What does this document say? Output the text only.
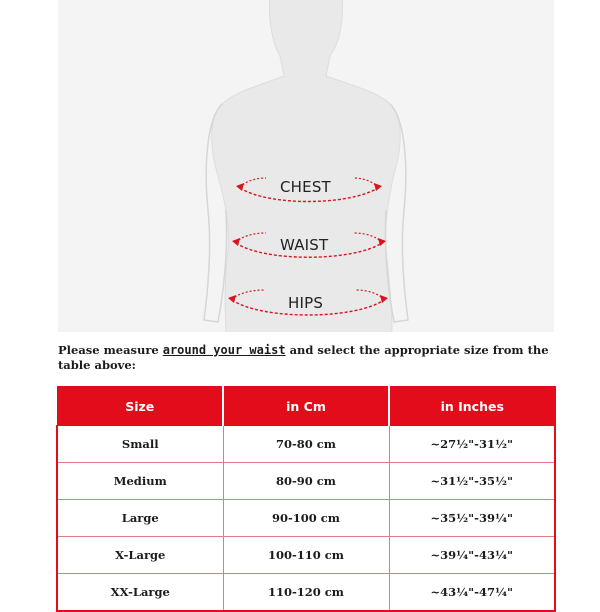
CHEST
WAIST
HIPS
Please measure around your waist and select the appropriate size from the table above:
Size	in Cm	in Inches
Small	70-80 cm	~27½"-31½"
Medium	80-90 cm	~31½"-35½"
Large	90-100 cm	~35½"-39¼"
X-Large	100-110 cm	~39¼"-43¼"
XX-Large	110-120 cm	~43¼"-47¼"
